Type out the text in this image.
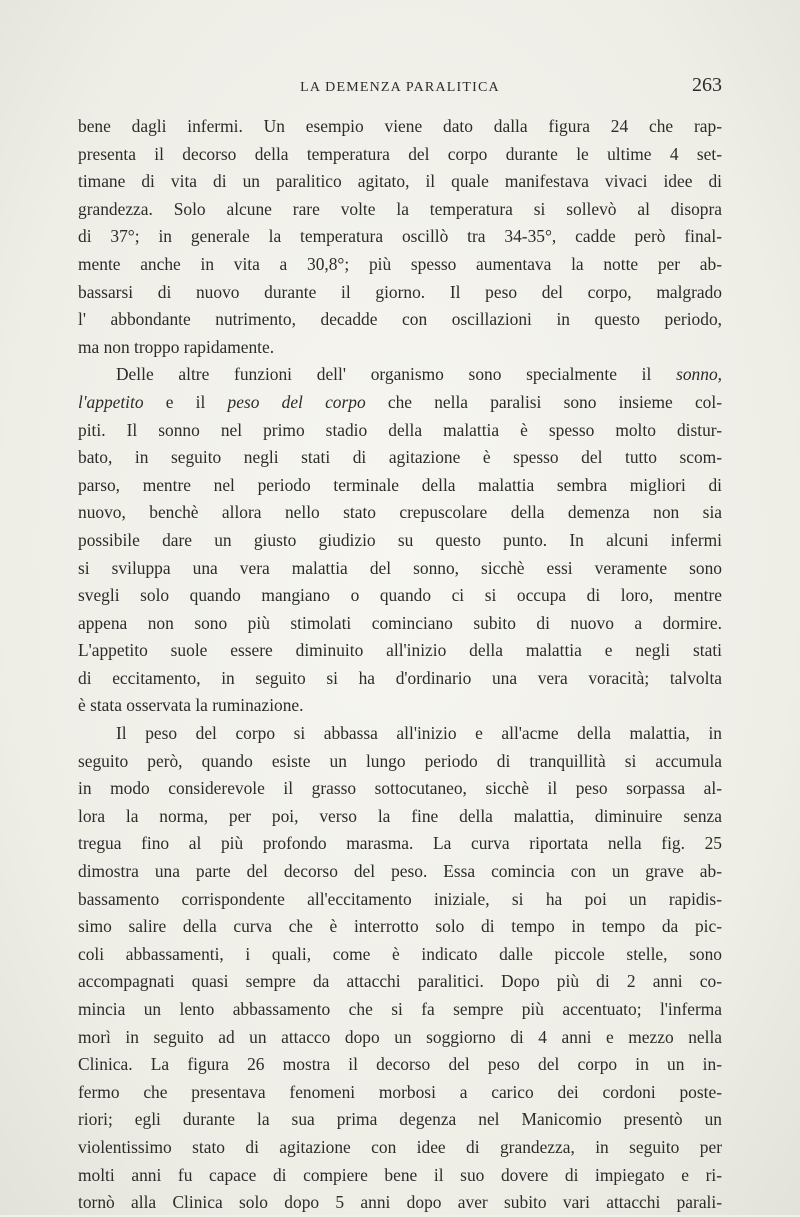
LA DEMENZA PARALITICA	263
bene dagli infermi. Un esempio viene dato dalla figura 24 che rap-
presenta il decorso della temperatura del corpo durante le ultime 4 set-
timane di vita di un paralitico agitato, il quale manifestava vivaci idee di
grandezza. Solo alcune rare volte la temperatura si sollevò al disopra
di 37°; in generale la temperatura oscillò tra 34-35°, cadde però final-
mente anche in vita a 30,8°; più spesso aumentava la notte per ab-
bassarsi di nuovo durante il giorno. Il peso del corpo, malgrado
l' abbondante nutrimento, decadde con oscillazioni in questo periodo,
ma non troppo rapidamente.
Delle altre funzioni dell' organismo sono specialmente il sonno,
l'appetito e il peso del corpo che nella paralisi sono insieme col-
piti. Il sonno nel primo stadio della malattia è spesso molto distur-
bato, in seguito negli stati di agitazione è spesso del tutto scom-
parso, mentre nel periodo terminale della malattia sembra migliori di
nuovo, benchè allora nello stato crepuscolare della demenza non sia
possibile dare un giusto giudizio su questo punto. In alcuni infermi
si sviluppa una vera malattia del sonno, sicchè essi veramente sono
svegli solo quando mangiano o quando ci si occupa di loro, mentre
appena non sono più stimolati cominciano subito di nuovo a dormire.
L'appetito suole essere diminuito all'inizio della malattia e negli stati
di eccitamento, in seguito si ha d'ordinario una vera voracità; talvolta
è stata osservata la ruminazione.
Il peso del corpo si abbassa all'inizio e all'acme della malattia, in
seguito però, quando esiste un lungo periodo di tranquillità si accumula
in modo considerevole il grasso sottocutaneo, sicchè il peso sorpassa al-
lora la norma, per poi, verso la fine della malattia, diminuire senza
tregua fino al più profondo marasma. La curva riportata nella fig. 25
dimostra una parte del decorso del peso. Essa comincia con un grave ab-
bassamento corrispondente all'eccitamento iniziale, si ha poi un rapidis-
simo salire della curva che è interrotto solo di tempo in tempo da pic-
coli abbassamenti, i quali, come è indicato dalle piccole stelle, sono
accompagnati quasi sempre da attacchi paralitici. Dopo più di 2 anni co-
mincia un lento abbassamento che si fa sempre più accentuato; l'inferma
morì in seguito ad un attacco dopo un soggiorno di 4 anni e mezzo nella
Clinica. La figura 26 mostra il decorso del peso del corpo in un in-
fermo che presentava fenomeni morbosi a carico dei cordoni poste-
riori; egli durante la sua prima degenza nel Manicomio presentò un
violentissimo stato di agitazione con idee di grandezza, in seguito per
molti anni fu capace di compiere bene il suo dovere di impiegato e ri-
tornò alla Clinica solo dopo 5 anni dopo aver subito vari attacchi parali-
